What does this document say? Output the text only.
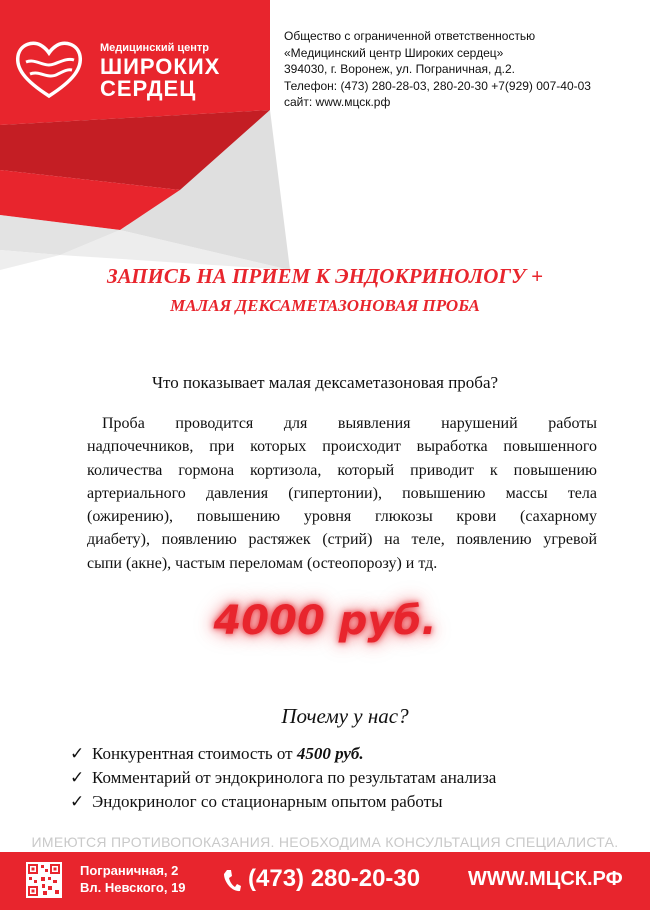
Медицинский центр
ШИРОКИХ
СЕРДЕЦ
Общество с ограниченной ответственностью
«Медицинский центр Широких сердец»
394030, г. Воронеж, ул. Пограничная, д.2.
Телефон: (473) 280-28-03, 280-20-30 +7(929) 007-40-03
сайт: www.мцск.рф
ЗАПИСЬ НА ПРИЕМ К ЭНДОКРИНОЛОГУ +
МАЛАЯ ДЕКСАМЕТАЗОНОВАЯ ПРОБА
Что показывает малая дексаметазоновая проба?
Проба проводится для выявления нарушений работы
надпочечников, при которых происходит выработка повышенного
количества гормона кортизола, который приводит к повышению
артериального давления (гипертонии), повышению массы тела
(ожирению), повышению уровня глюкозы крови (сахарному
диабету), появлению растяжек (стрий) на теле, появлению угревой
сыпи (акне), частым переломам (остеопорозу) и тд.
4000 руб.
Почему у нас?
✓ Конкурентная стоимость от 4500 руб.
✓ Комментарий от эндокринолога по результатам анализа
✓ Эндокринолог со стационарным опытом работы
ИМЕЮТСЯ ПРОТИВОПОКАЗАНИЯ. НЕОБХОДИМА КОНСУЛЬТАЦИЯ СПЕЦИАЛИСТА.
Пограничная, 2
Вл. Невского, 19	(473) 280-20-30 WWW.МЦСК.РФ
